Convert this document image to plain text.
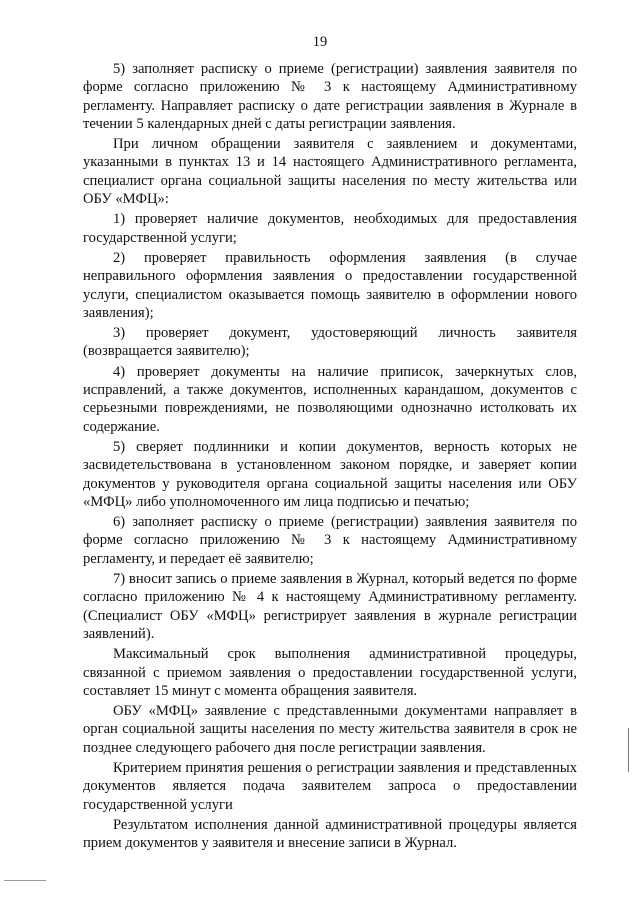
19

5) заполняет расписку о приеме (регистрации) заявления заявителя по форме согласно приложению № 3 к настоящему Административному регламенту. Направляет расписку о дате регистрации заявления в Журнале в течении 5 календарных дней с даты регистрации заявления.

При личном обращении заявителя с заявлением и документами, указанными в пунктах 13 и 14 настоящего Административного регламента, специалист органа социальной защиты населения по месту жительства или ОБУ «МФЦ»:

1) проверяет наличие документов, необходимых для предоставления государственной услуги;

2) проверяет правильность оформления заявления (в случае неправильного оформления заявления о предоставлении государственной услуги, специалистом оказывается помощь заявителю в оформлении нового заявления);

3) проверяет документ, удостоверяющий личность заявителя (возвращается заявителю);

4) проверяет документы на наличие приписок, зачеркнутых слов, исправлений, а также документов, исполненных карандашом, документов с серьезными повреждениями, не позволяющими однозначно истолковать их содержание.

5) сверяет подлинники и копии документов, верность которых не засвидетельствована в установленном законом порядке, и заверяет копии документов у руководителя органа социальной защиты населения или ОБУ «МФЦ» либо уполномоченного им лица подписью и печатью;

6) заполняет расписку о приеме (регистрации) заявления заявителя по форме согласно приложению № 3 к настоящему Административному регламенту, и передает её заявителю;

7) вносит запись о приеме заявления в Журнал, который ведется по форме согласно приложению № 4 к настоящему Административному регламенту. (Специалист ОБУ «МФЦ» регистрирует заявления в журнале регистрации заявлений).

Максимальный срок выполнения административной процедуры, связанной с приемом заявления о предоставлении государственной услуги, составляет 15 минут с момента обращения заявителя.

ОБУ «МФЦ» заявление с представленными документами направляет в орган социальной защиты населения по месту жительства заявителя в срок не позднее следующего рабочего дня после регистрации заявления.

Критерием принятия решения о регистрации заявления и представленных документов является подача заявителем запроса о предоставлении государственной услуги

Результатом исполнения данной административной процедуры является прием документов у заявителя и внесение записи в Журнал.
